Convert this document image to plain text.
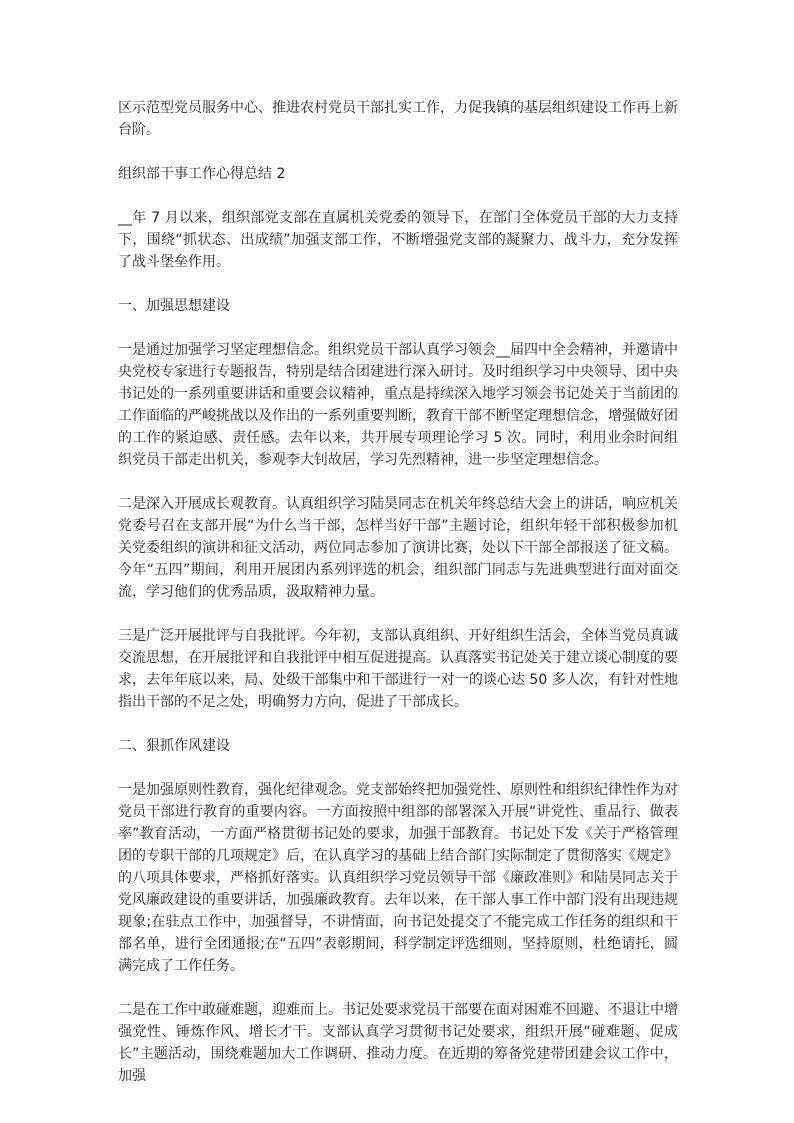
区示范型党员服务中心、推进农村党员干部扎实工作，力促我镇的基层组织建设工作再上新台阶。

组织部干事工作心得总结 2

__年 7 月以来，组织部党支部在直属机关党委的领导下，在部门全体党员干部的大力支持下，围绕“抓状态、出成绩”加强支部工作，不断增强党支部的凝聚力、战斗力，充分发挥了战斗堡垒作用。

一、加强思想建设

一是通过加强学习坚定理想信念。组织党员干部认真学习领会__届四中全会精神，并邀请中央党校专家进行专题报告，特别是结合团建进行深入研讨。及时组织学习中央领导、团中央书记处的一系列重要讲话和重要会议精神，重点是持续深入地学习领会书记处关于当前团的工作面临的严峻挑战以及作出的一系列重要判断，教育干部不断坚定理想信念，增强做好团的工作的紧迫感、责任感。去年以来，共开展专项理论学习 5 次。同时，利用业余时间组织党员干部走出机关，参观李大钊故居，学习先烈精神，进一步坚定理想信念。

二是深入开展成长观教育。认真组织学习陆昊同志在机关年终总结大会上的讲话，响应机关党委号召在支部开展“为什么当干部，怎样当好干部”主题讨论，组织年轻干部积极参加机关党委组织的演讲和征文活动，两位同志参加了演讲比赛，处以下干部全部报送了征文稿。今年“五四”期间，利用开展团内系列评选的机会，组织部门同志与先进典型进行面对面交流，学习他们的优秀品质，汲取精神力量。

三是广泛开展批评与自我批评。今年初，支部认真组织、开好组织生活会，全体当党员真诚交流思想，在开展批评和自我批评中相互促进提高。认真落实书记处关于建立谈心制度的要求，去年年底以来，局、处级干部集中和干部进行一对一的谈心达 50 多人次，有针对性地指出干部的不足之处，明确努力方向，促进了干部成长。

二、狠抓作风建设

一是加强原则性教育，强化纪律观念。党支部始终把加强党性、原则性和组织纪律性作为对党员干部进行教育的重要内容。一方面按照中组部的部署深入开展“讲党性、重品行、做表率”教育活动，一方面严格贯彻书记处的要求，加强干部教育。书记处下发《关于严格管理团的专职干部的几项规定》后，在认真学习的基础上结合部门实际制定了贯彻落实《规定》的八项具体要求，严格抓好落实。认真组织学习党员领导干部《廉政准则》和陆昊同志关于党风廉政建设的重要讲话，加强廉政教育。去年以来，在干部人事工作中部门没有出现违规现象;在驻点工作中，加强督导，不讲情面，向书记处提交了不能完成工作任务的组织和干部名单，进行全团通报;在“五四”表彰期间，科学制定评选细则，坚持原则，杜绝请托，圆满完成了工作任务。

二是在工作中敢碰难题，迎难而上。书记处要求党员干部要在面对困难不回避、不退让中增强党性、锤炼作风、增长才干。支部认真学习贯彻书记处要求，组织开展“碰难题、促成长”主题活动，围绕难题加大工作调研、推动力度。在近期的筹备党建带团建会议工作中，加强
